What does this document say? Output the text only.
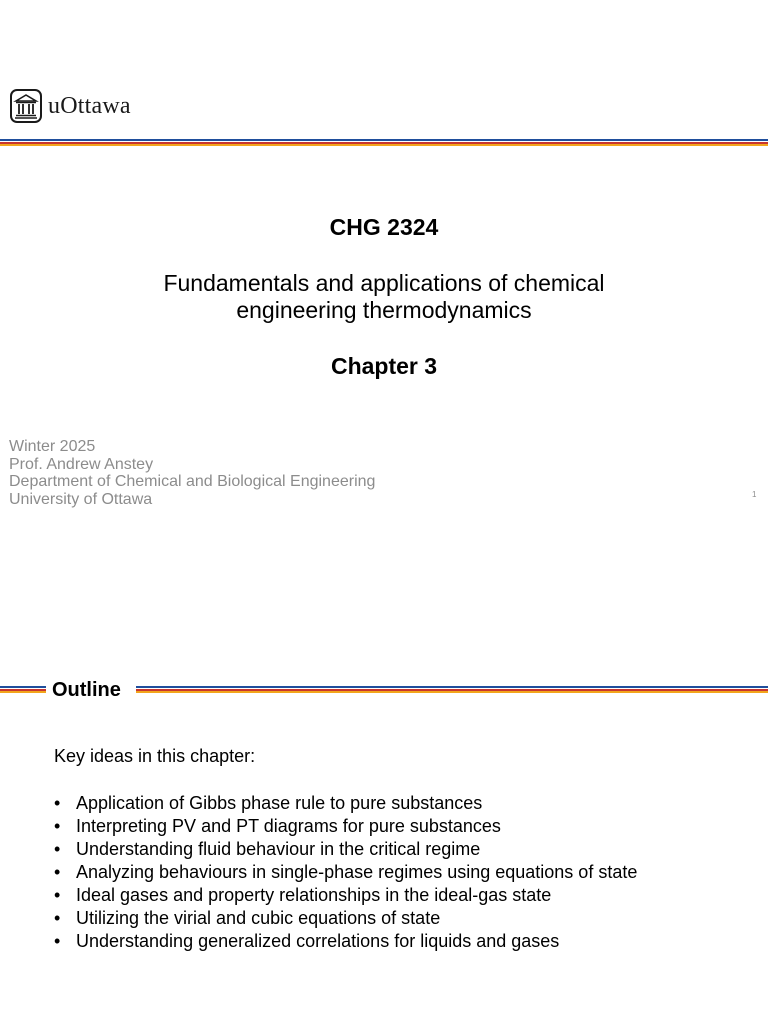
uOttawa
CHG 2324
Fundamentals and applications of chemical
engineering thermodynamics
Chapter 3
Winter 2025
Prof. Andrew Anstey
Department of Chemical and Biological Engineering
University of Ottawa	1
Outline
Key ideas in this chapter:
• Application of Gibbs phase rule to pure substances
• Interpreting PV and PT diagrams for pure substances
• Understanding fluid behaviour in the critical regime
• Analyzing behaviours in single-phase regimes using equations of state
• Ideal gases and property relationships in the ideal-gas state
• Utilizing the virial and cubic equations of state
• Understanding generalized correlations for liquids and gases
